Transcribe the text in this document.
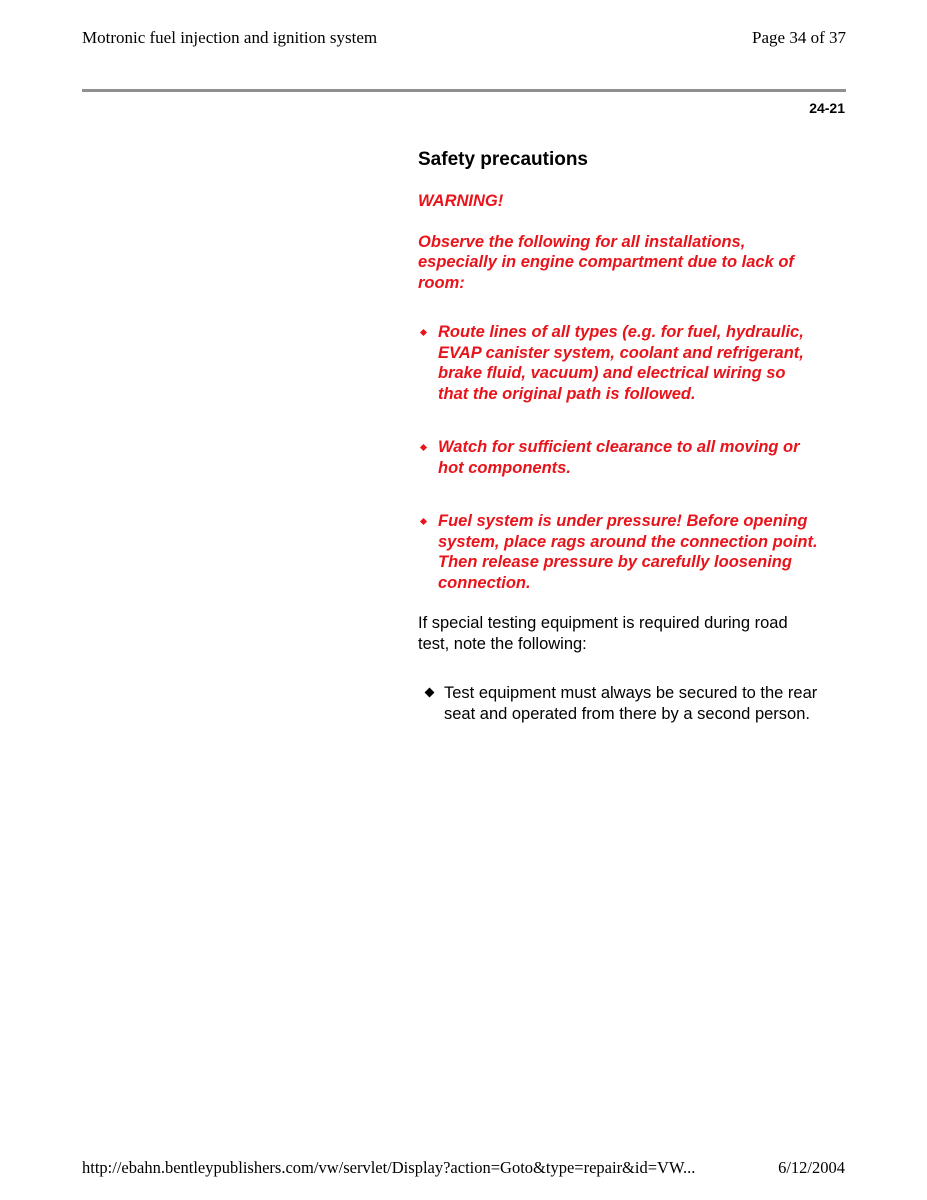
Motronic fuel injection and ignition system	Page 34 of 37
24-21
Safety precautions
WARNING!
Observe the following for all installations, especially in engine compartment due to lack of room:
Route lines of all types (e.g. for fuel, hydraulic, EVAP canister system, coolant and refrigerant, brake fluid, vacuum) and electrical wiring so that the original path is followed.
Watch for sufficient clearance to all moving or hot components.
Fuel system is under pressure! Before opening system, place rags around the connection point. Then release pressure by carefully loosening connection.
If special testing equipment is required during road test, note the following:
Test equipment must always be secured to the rear seat and operated from there by a second person.
http://ebahn.bentleypublishers.com/vw/servlet/Display?action=Goto&type=repair&id=VW...	6/12/2004
